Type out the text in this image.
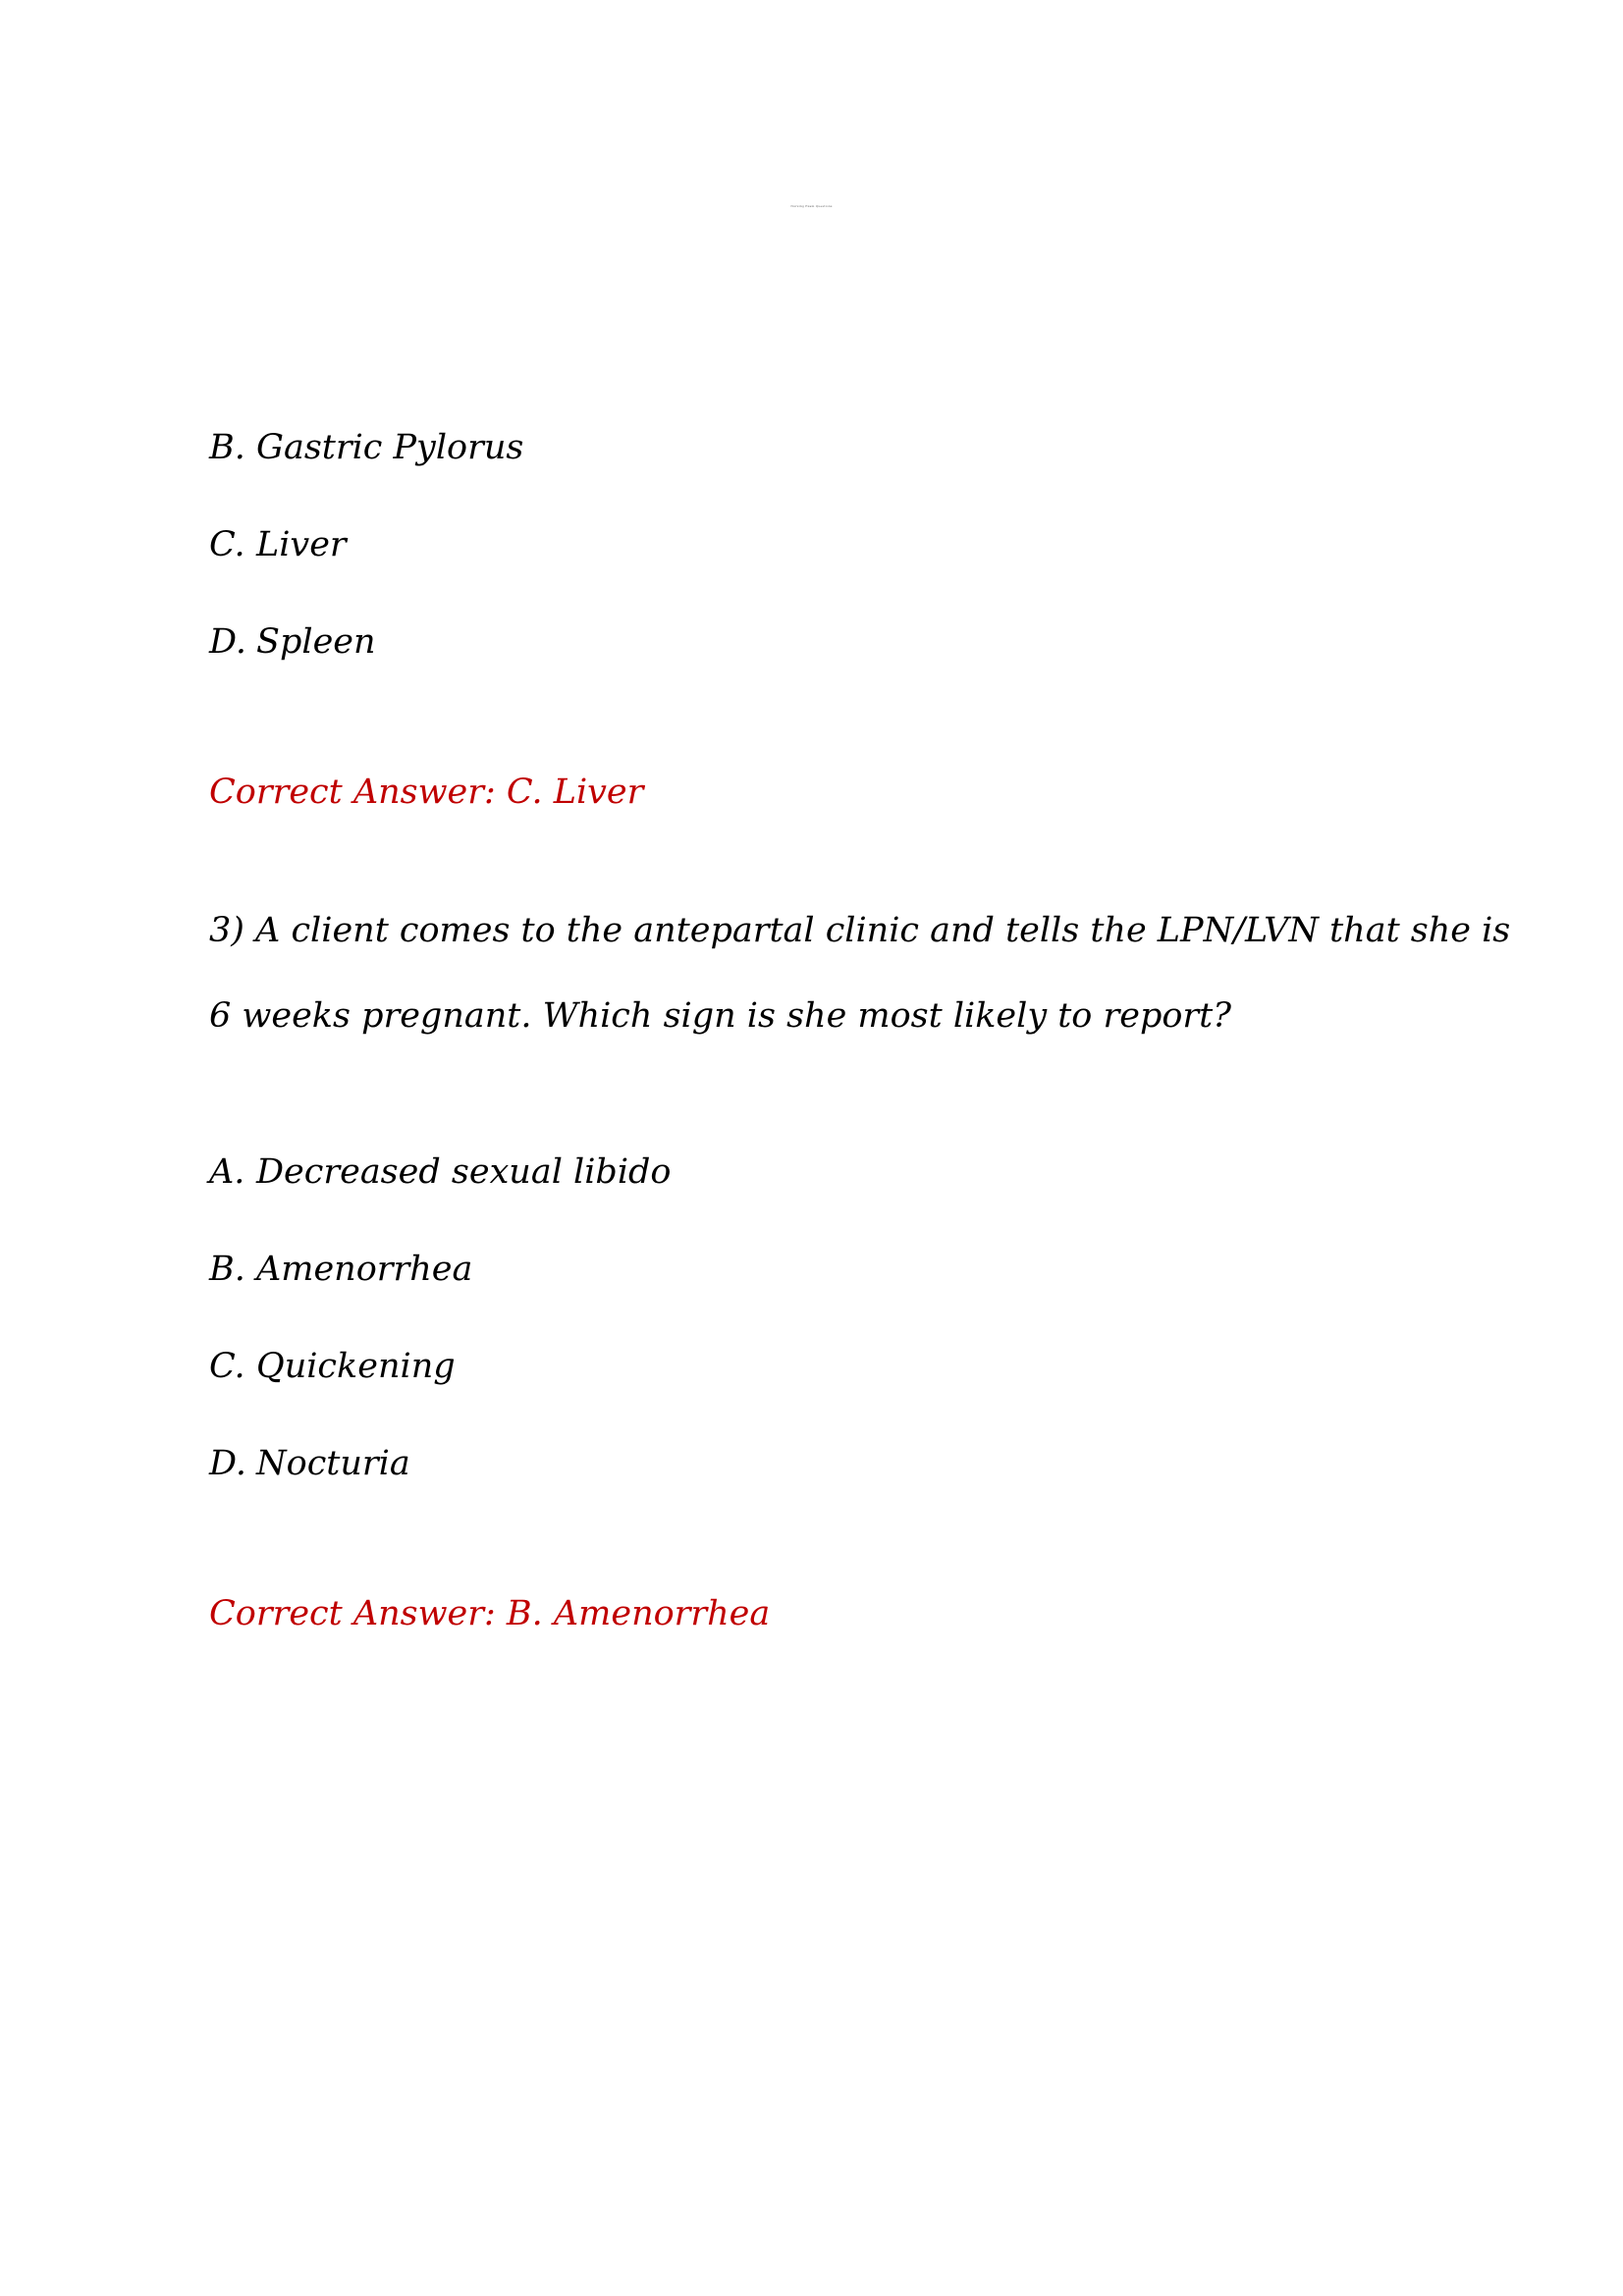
Nursing Exam Questions
B. Gastric Pylorus
C. Liver
D. Spleen
Correct Answer: C. Liver
3) A client comes to the antepartal clinic and tells the LPN/LVN that she is
6 weeks pregnant. Which sign is she most likely to report?
A. Decreased sexual libido
B. Amenorrhea
C. Quickening
D. Nocturia
Correct Answer: B. Amenorrhea
